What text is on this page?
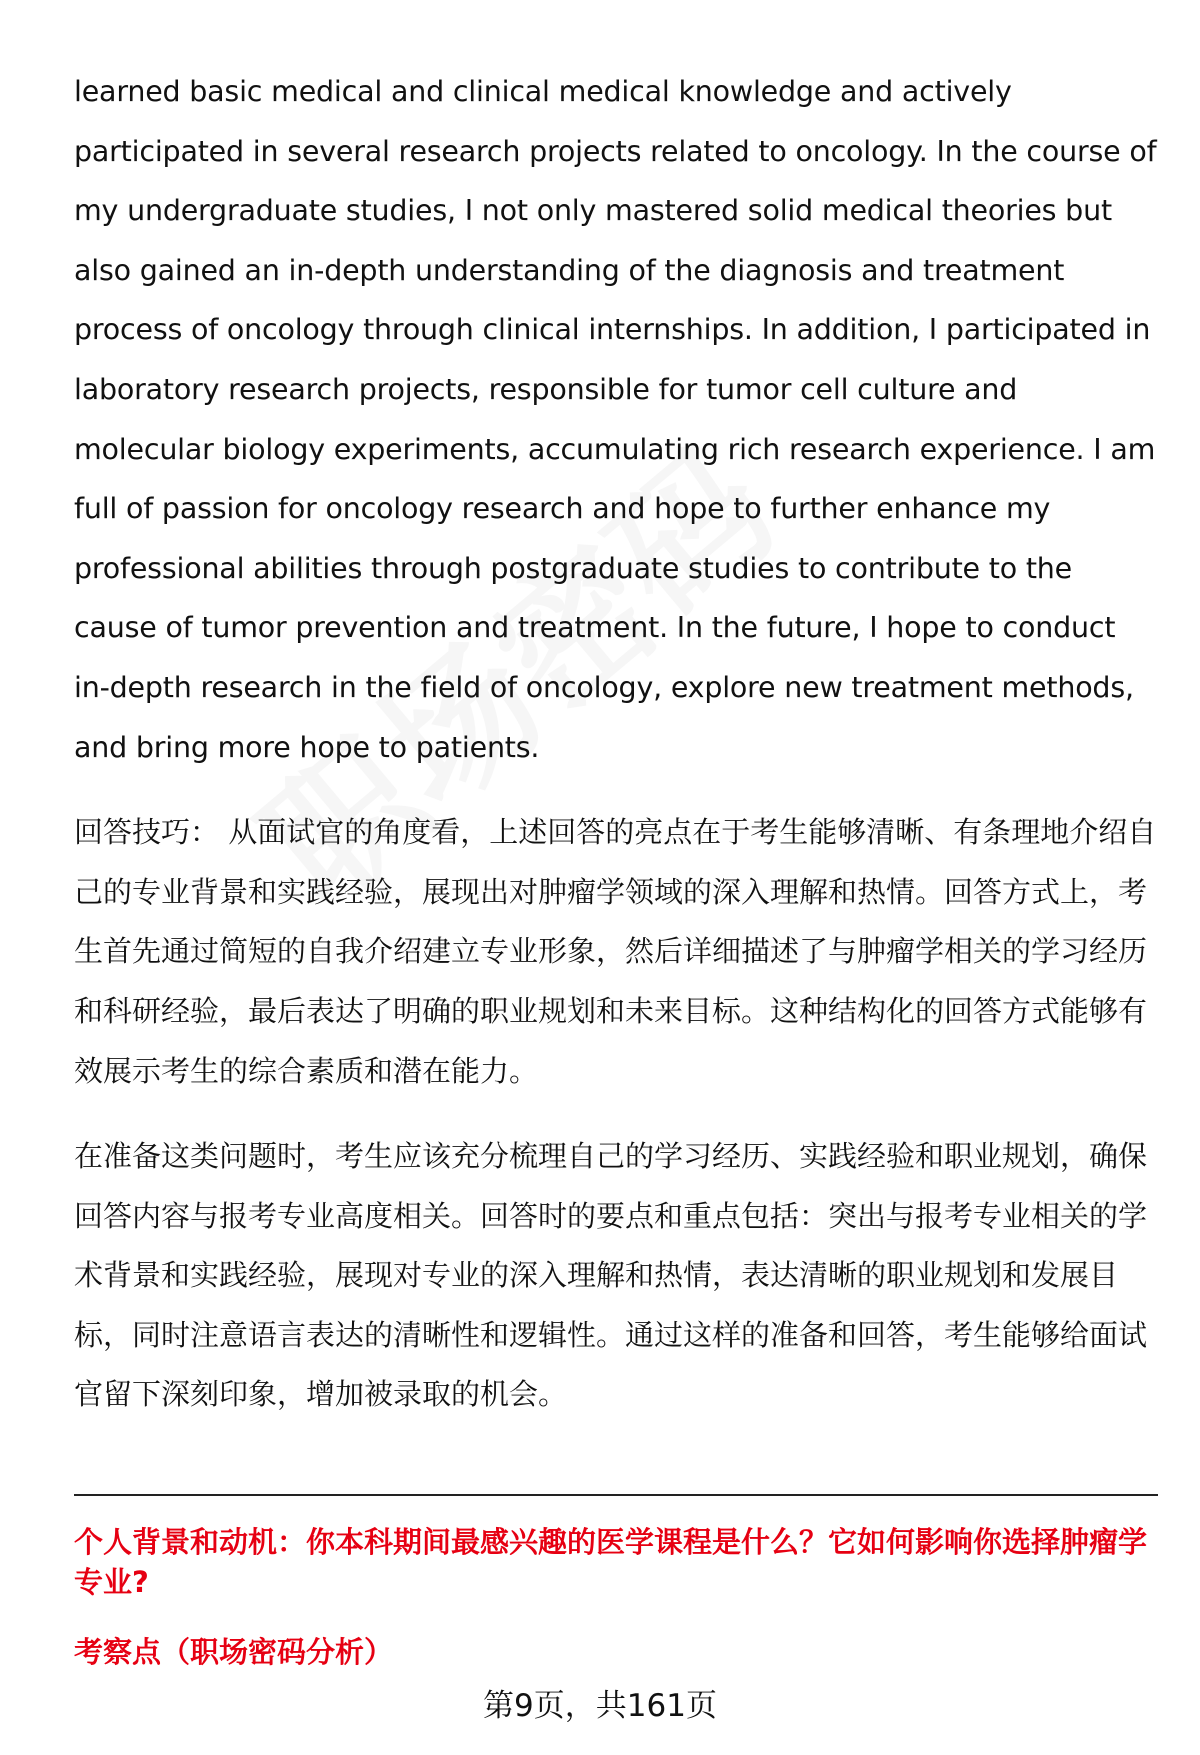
learned basic medical and clinical medical knowledge and actively participated in several research projects related to oncology. In the course of my undergraduate studies, I not only mastered solid medical theories but also gained an in-depth understanding of the diagnosis and treatment process of oncology through clinical internships. In addition, I participated in laboratory research projects, responsible for tumor cell culture and molecular biology experiments, accumulating rich research experience. I am full of passion for oncology research and hope to further enhance my professional abilities through postgraduate studies to contribute to the cause of tumor prevention and treatment. In the future, I hope to conduct in-depth research in the field of oncology, explore new treatment methods, and bring more hope to patients.

回答技巧： 从面试官的角度看，上述回答的亮点在于考生能够清晰、有条理地介绍自己的专业背景和实践经验，展现出对肿瘤学领域的深入理解和热情。回答方式上，考生首先通过简短的自我介绍建立专业形象，然后详细描述了与肿瘤学相关的学习经历和科研经验，最后表达了明确的职业规划和未来目标。这种结构化的回答方式能够有效展示考生的综合素质和潜在能力。

在准备这类问题时，考生应该充分梳理自己的学习经历、实践经验和职业规划，确保回答内容与报考专业高度相关。回答时的要点和重点包括：突出与报考专业相关的学术背景和实践经验，展现对专业的深入理解和热情，表达清晰的职业规划和发展目标，同时注意语言表达的清晰性和逻辑性。通过这样的准备和回答，考生能够给面试官留下深刻印象，增加被录取的机会。

个人背景和动机：你本科期间最感兴趣的医学课程是什么？它如何影响你选择肿瘤学专业?

考察点（职场密码分析）

第9页，共161页
